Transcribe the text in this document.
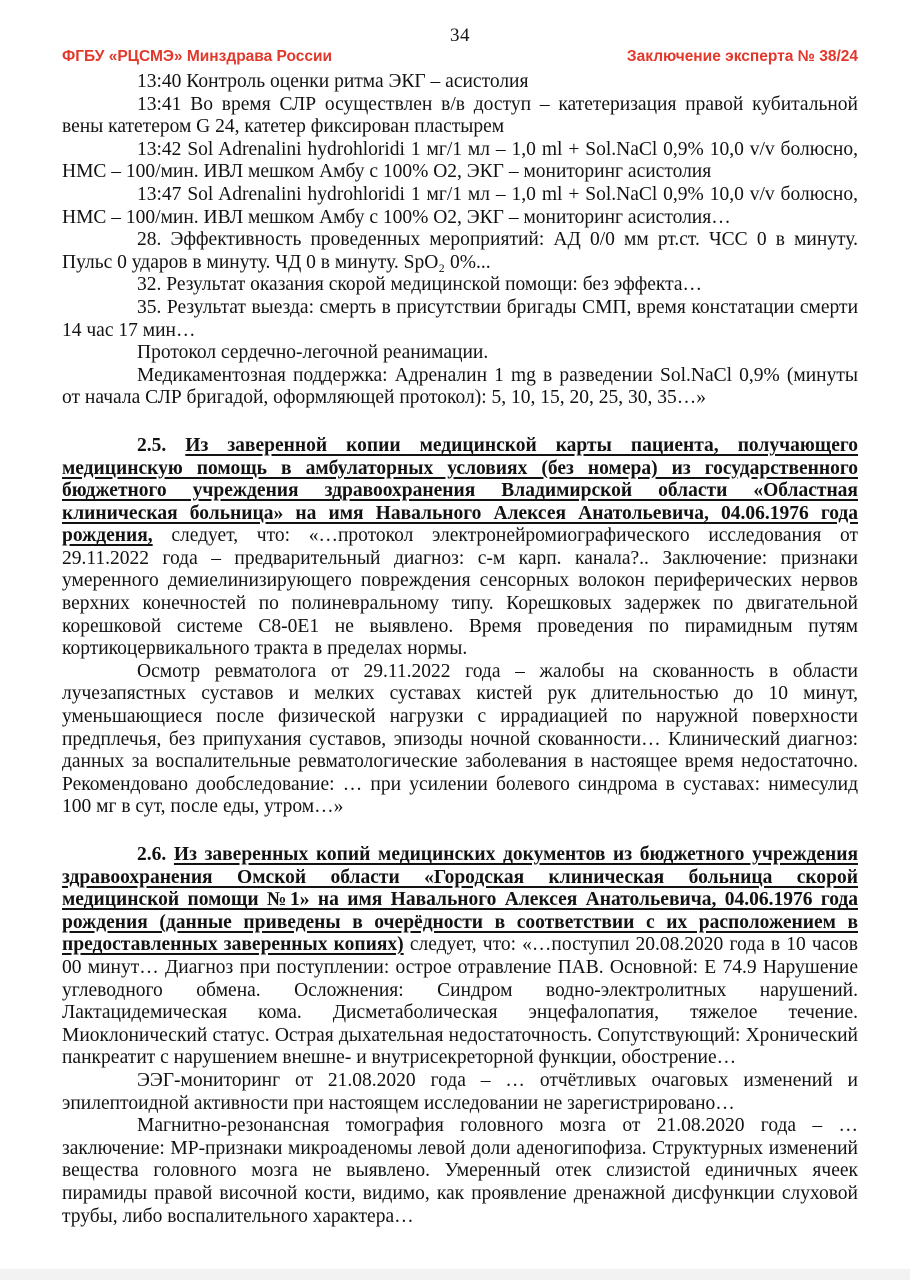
34
ФГБУ «РЦСМЭ» Минздрава России	Заключение эксперта № 38/24

13:40 Контроль оценки ритма ЭКГ – асистолия

13:41 Во время СЛР осуществлен в/в доступ – катетеризация правой кубитальной вены катетером G 24, катетер фиксирован пластырем

13:42 Sol Adrenalini hydrohloridi 1 мг/1 мл – 1,0 ml + Sol.NaCl 0,9% 10,0 v/v болюсно, НМС – 100/мин. ИВЛ мешком Амбу с 100% О2, ЭКГ – мониторинг асистолия

13:47 Sol Adrenalini hydrohloridi 1 мг/1 мл – 1,0 ml + Sol.NaCl 0,9% 10,0 v/v болюсно, НМС – 100/мин. ИВЛ мешком Амбу с 100% О2, ЭКГ – мониторинг асистолия…

28. Эффективность проведенных мероприятий: АД 0/0 мм рт.ст. ЧСС 0 в минуту. Пульс 0 ударов в минуту. ЧД 0 в минуту. SpO₂ 0%...

32. Результат оказания скорой медицинской помощи: без эффекта…

35. Результат выезда: смерть в присутствии бригады СМП, время констатации смерти 14 час 17 мин…

Протокол сердечно-легочной реанимации.

Медикаментозная поддержка: Адреналин 1 mg в разведении Sol.NaCl 0,9% (минуты от начала СЛР бригадой, оформляющей протокол): 5, 10, 15, 20, 25, 30, 35…»

2.5. Из заверенной копии медицинской карты пациента, получающего медицинскую помощь в амбулаторных условиях (без номера) из государственного бюджетного учреждения здравоохранения Владимирской области «Областная клиническая больница» на имя Навального Алексея Анатольевича, 04.06.1976 года рождения, следует, что: «…протокол электронейромиографического исследования от 29.11.2022 года – предварительный диагноз: с-м карп. канала?.. Заключение: признаки умеренного демиелинизирующего повреждения сенсорных волокон периферических нервов верхних конечностей по полиневральному типу. Корешковых задержек по двигательной корешковой системе С8-0Е1 не выявлено. Время проведения по пирамидным путям кортикоцервикального тракта в пределах нормы.

Осмотр ревматолога от 29.11.2022 года – жалобы на скованность в области лучезапястных суставов и мелких суставах кистей рук длительностью до 10 минут, уменьшающиеся после физической нагрузки с иррадиацией по наружной поверхности предплечья, без припухания суставов, эпизоды ночной скованности… Клинический диагноз: данных за воспалительные ревматологические заболевания в настоящее время недостаточно. Рекомендовано дообследование: … при усилении болевого синдрома в суставах: нимесулид 100 мг в сут, после еды, утром…»

2.6. Из заверенных копий медицинских документов из бюджетного учреждения здравоохранения Омской области «Городская клиническая больница скорой медицинской помощи №1» на имя Навального Алексея Анатольевича, 04.06.1976 года рождения (данные приведены в очерёдности в соответствии с их расположением в предоставленных заверенных копиях) следует, что: «…поступил 20.08.2020 года в 10 часов 00 минут… Диагноз при поступлении: острое отравление ПАВ. Основной: Е 74.9 Нарушение углеводного обмена. Осложнения: Синдром водно-электролитных нарушений. Лактацидемическая кома. Дисметаболическая энцефалопатия, тяжелое течение. Миоклонический статус. Острая дыхательная недостаточность. Сопутствующий: Хронический панкреатит с нарушением внешне- и внутрисекреторной функции, обострение…

ЭЭГ-мониторинг от 21.08.2020 года – … отчётливых очаговых изменений и эпилептоидной активности при настоящем исследовании не зарегистрировано…

Магнитно-резонансная томография головного мозга от 21.08.2020 года – … заключение: МР-признаки микроаденомы левой доли аденогипофиза. Структурных изменений вещества головного мозга не выявлено. Умеренный отек слизистой единичных ячеек пирамиды правой височной кости, видимо, как проявление дренажной дисфункции слуховой трубы, либо воспалительного характера…
